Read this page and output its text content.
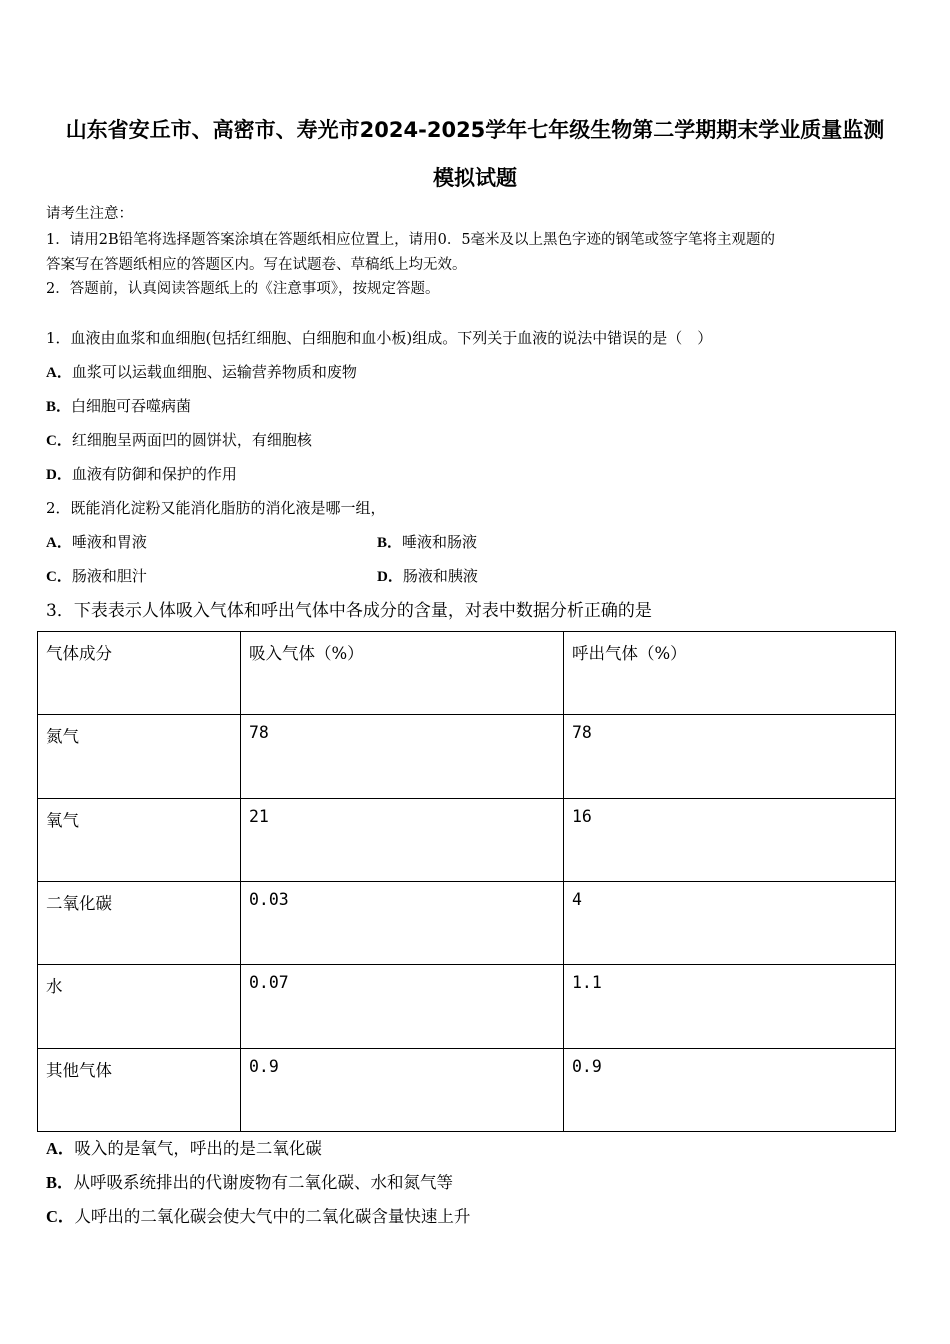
山东省安丘市、高密市、寿光市2024-2025学年七年级生物第二学期期末学业质量监测
模拟试题
请考生注意：
1．请用2B铅笔将选择题答案涂填在答题纸相应位置上，请用0．5毫米及以上黑色字迹的钢笔或签字笔将主观题的
答案写在答题纸相应的答题区内。写在试题卷、草稿纸上均无效。
2．答题前，认真阅读答题纸上的《注意事项》，按规定答题。
1．血液由血浆和血细胞(包括红细胞、白细胞和血小板)组成。下列关于血液的说法中错误的是（　）
A．血浆可以运载血细胞、运输营养物质和废物
B．白细胞可吞噬病菌
C．红细胞呈两面凹的圆饼状，有细胞核
D．血液有防御和保护的作用
2．既能消化淀粉又能消化脂肪的消化液是哪一组，
A．唾液和胃液	B．唾液和肠液
C．肠液和胆汁	D．肠液和胰液
3．下表表示人体吸入气体和呼出气体中各成分的含量，对表中数据分析正确的是
气体成分	吸入气体（%）	呼出气体（%）
氮气	78	78
氧气	21	16
二氧化碳	0.03	4
水	0.07	1.1
其他气体	0.9	0.9
A．吸入的是氧气，呼出的是二氧化碳
B．从呼吸系统排出的代谢废物有二氧化碳、水和氮气等
C．人呼出的二氧化碳会使大气中的二氧化碳含量快速上升
